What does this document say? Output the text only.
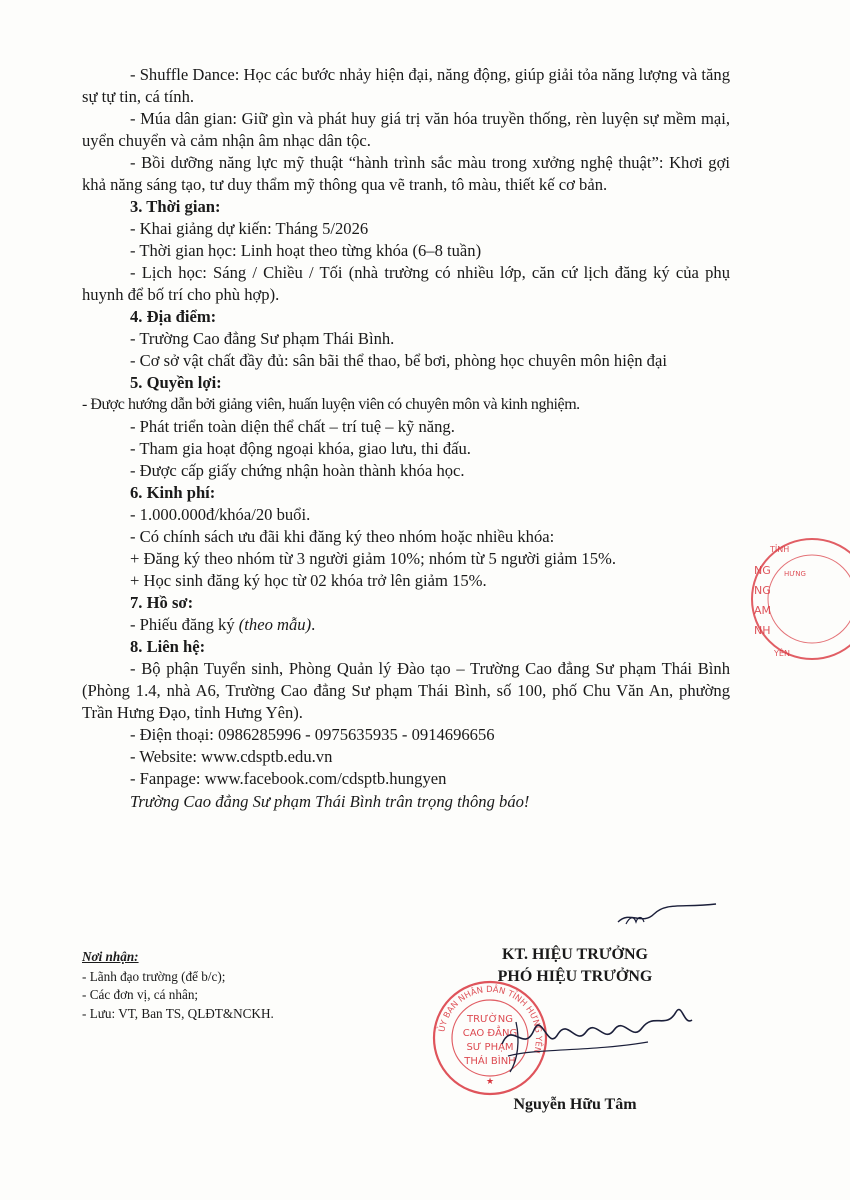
- Shuffle Dance: Học các bước nhảy hiện đại, năng động, giúp giải tỏa năng lượng và tăng sự tự tin, cá tính.
- Múa dân gian: Giữ gìn và phát huy giá trị văn hóa truyền thống, rèn luyện sự mềm mại, uyển chuyển và cảm nhận âm nhạc dân tộc.
- Bồi dưỡng năng lực mỹ thuật “hành trình sắc màu trong xưởng nghệ thuật”: Khơi gợi khả năng sáng tạo, tư duy thẩm mỹ thông qua vẽ tranh, tô màu, thiết kế cơ bản.
3. Thời gian:
- Khai giảng dự kiến: Tháng 5/2026
- Thời gian học: Linh hoạt theo từng khóa (6–8 tuần)
- Lịch học: Sáng / Chiều / Tối (nhà trường có nhiều lớp, căn cứ lịch đăng ký của phụ huynh để bố trí cho phù hợp).
4. Địa điểm:
- Trường Cao đẳng Sư phạm Thái Bình.
- Cơ sở vật chất đầy đủ: sân bãi thể thao, bể bơi, phòng học chuyên môn hiện đại
5. Quyền lợi:
- Được hướng dẫn bởi giảng viên, huấn luyện viên có chuyên môn và kinh nghiệm.
- Phát triển toàn diện thể chất – trí tuệ – kỹ năng.
- Tham gia hoạt động ngoại khóa, giao lưu, thi đấu.
- Được cấp giấy chứng nhận hoàn thành khóa học.
6. Kinh phí:
- 1.000.000đ/khóa/20 buổi.
- Có chính sách ưu đãi khi đăng ký theo nhóm hoặc nhiều khóa:
+ Đăng ký theo nhóm từ 3 người giảm 10%; nhóm từ 5 người giảm 15%.
+ Học sinh đăng ký học từ 02 khóa trở lên giảm 15%.
7. Hồ sơ:
- Phiếu đăng ký (theo mẫu).
8. Liên hệ:
- Bộ phận Tuyển sinh, Phòng Quản lý Đào tạo – Trường Cao đẳng Sư phạm Thái Bình (Phòng 1.4, nhà A6, Trường Cao đẳng Sư phạm Thái Bình, số 100, phố Chu Văn An, phường Trần Hưng Đạo, tỉnh Hưng Yên).
- Điện thoại: 0986285996 - 0975635935 - 0914696656
- Website: www.cdsptb.edu.vn
- Fanpage: www.facebook.com/cdsptb.hungyen
Trường Cao đẳng Sư phạm Thái Bình trân trọng thông báo!
Nơi nhận:
- Lãnh đạo trường (để b/c);
- Các đơn vị, cá nhân;
- Lưu: VT, Ban TS, QLĐT&NCKH.
KT. HIỆU TRƯỞNG
PHÓ HIỆU TRƯỞNG
ỦY BAN NHÂN DÂN TỈNH HƯNG YÊN
TRƯỜNG
CAO ĐẲNG
SƯ PHẠM
THÁI BÌNH
★
Nguyễn Hữu Tâm
TỈNH
HƯNG
NG
NG
AM
NH
YÊN
